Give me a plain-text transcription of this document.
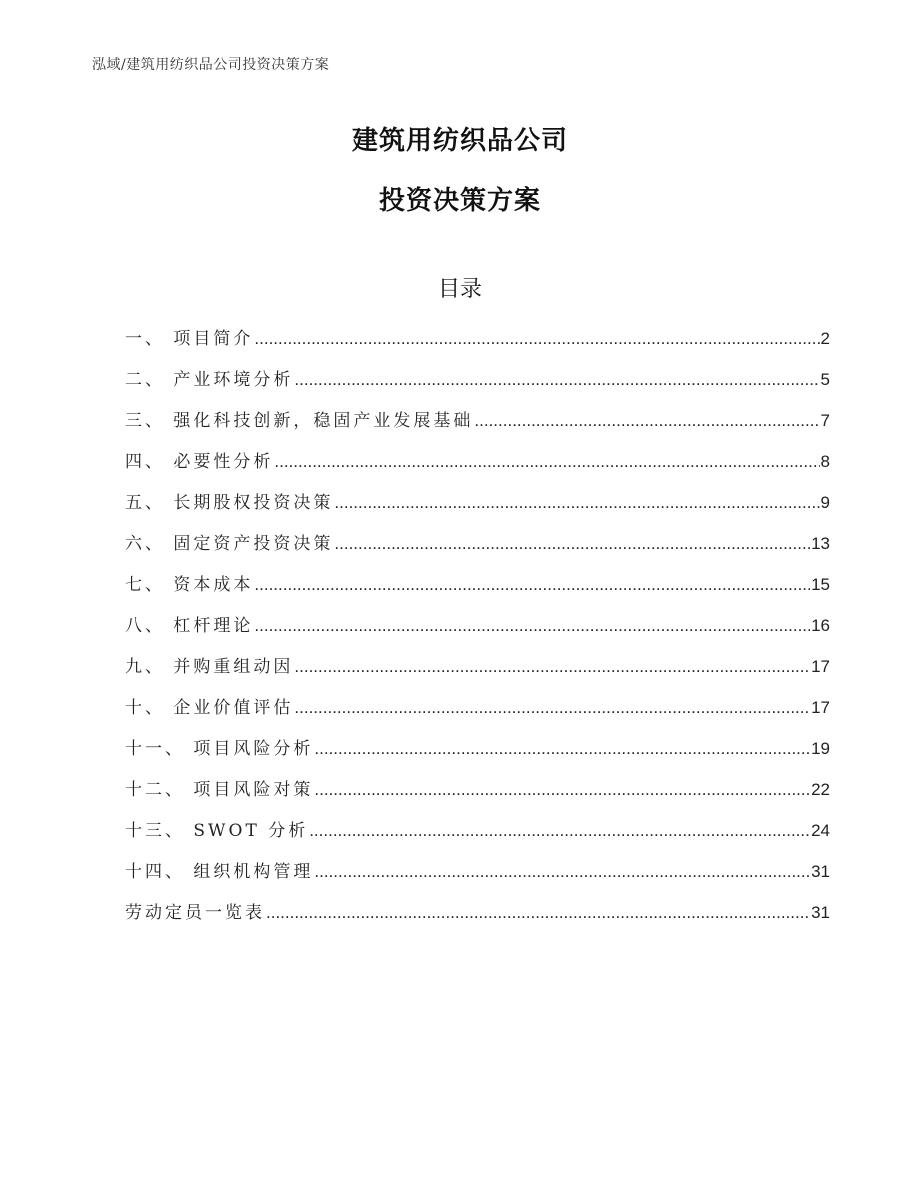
泓域/建筑用纺织品公司投资决策方案
建筑用纺织品公司
投资决策方案
目录
一、 项目简介 .....	2
二、 产业环境分析 .....	5
三、 强化科技创新，稳固产业发展基础 .....	7
四、 必要性分析 .....	8
五、 长期股权投资决策 .....	9
六、 固定资产投资决策 .....	13
七、 资本成本 .....	15
八、 杠杆理论 .....	16
九、 并购重组动因 .....	17
十、 企业价值评估 .....	17
十一、 项目风险分析 .....	19
十二、 项目风险对策 .....	22
十三、 SWOT 分析 .....	24
十四、 组织机构管理 .....	31
劳动定员一览表 .....	31
